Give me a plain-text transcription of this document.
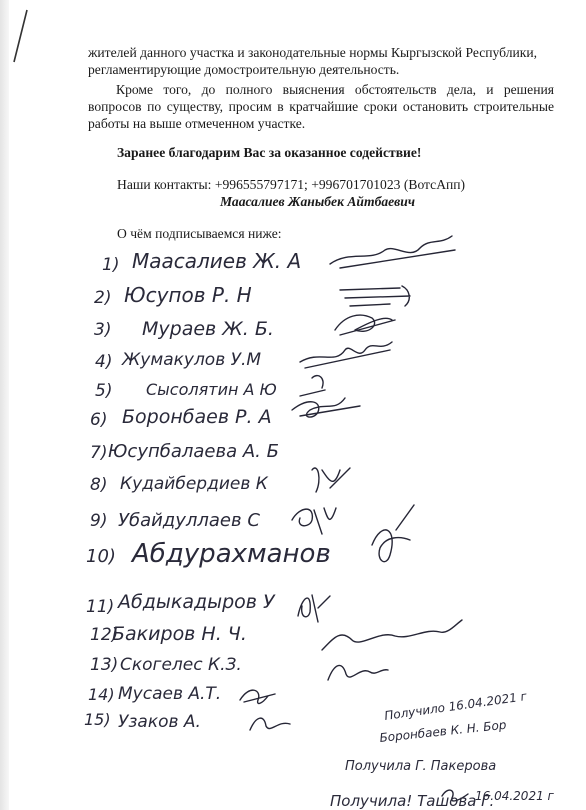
жителей данного участка и законодательные нормы Кыргызской Республики, регламентирующие домостроительную деятельность.
Кроме того, до полного выяснения обстоятельств дела, и решения вопросов по существу, просим в кратчайшие сроки остановить строительные работы на выше отмеченном участке.
Заранее благодарим Вас за оказанное содействие!
Наши контакты: +996555797171; +996701701023 (ВотсАпп)
Маасалиев Жаныбек Айтбаевич
О чём подписываемся ниже:
1) Маасалиев Ж. А
2) Юсупов Р. Н
3) Мураев Ж. Б.
4) Жумакулов У.М
5) Сысолятин А Ю
6) Боронбаев Р. А
7) Юсупбалаева А. Б
8) Кудайбердиев К
9) Убайдуллаев С
10) Абдурахманов
11) Абдыкадыров У
12)
Бакиров Н. Ч.
13) Скогелес К.З.
14) Мусаев А.Т.
15) Узаков А.	Получило 16.04.2021 г
Боронбаев К. Н. Бор
Получила Г. Пакерова
16.04.2021 г
Получила! Ташова Г.
